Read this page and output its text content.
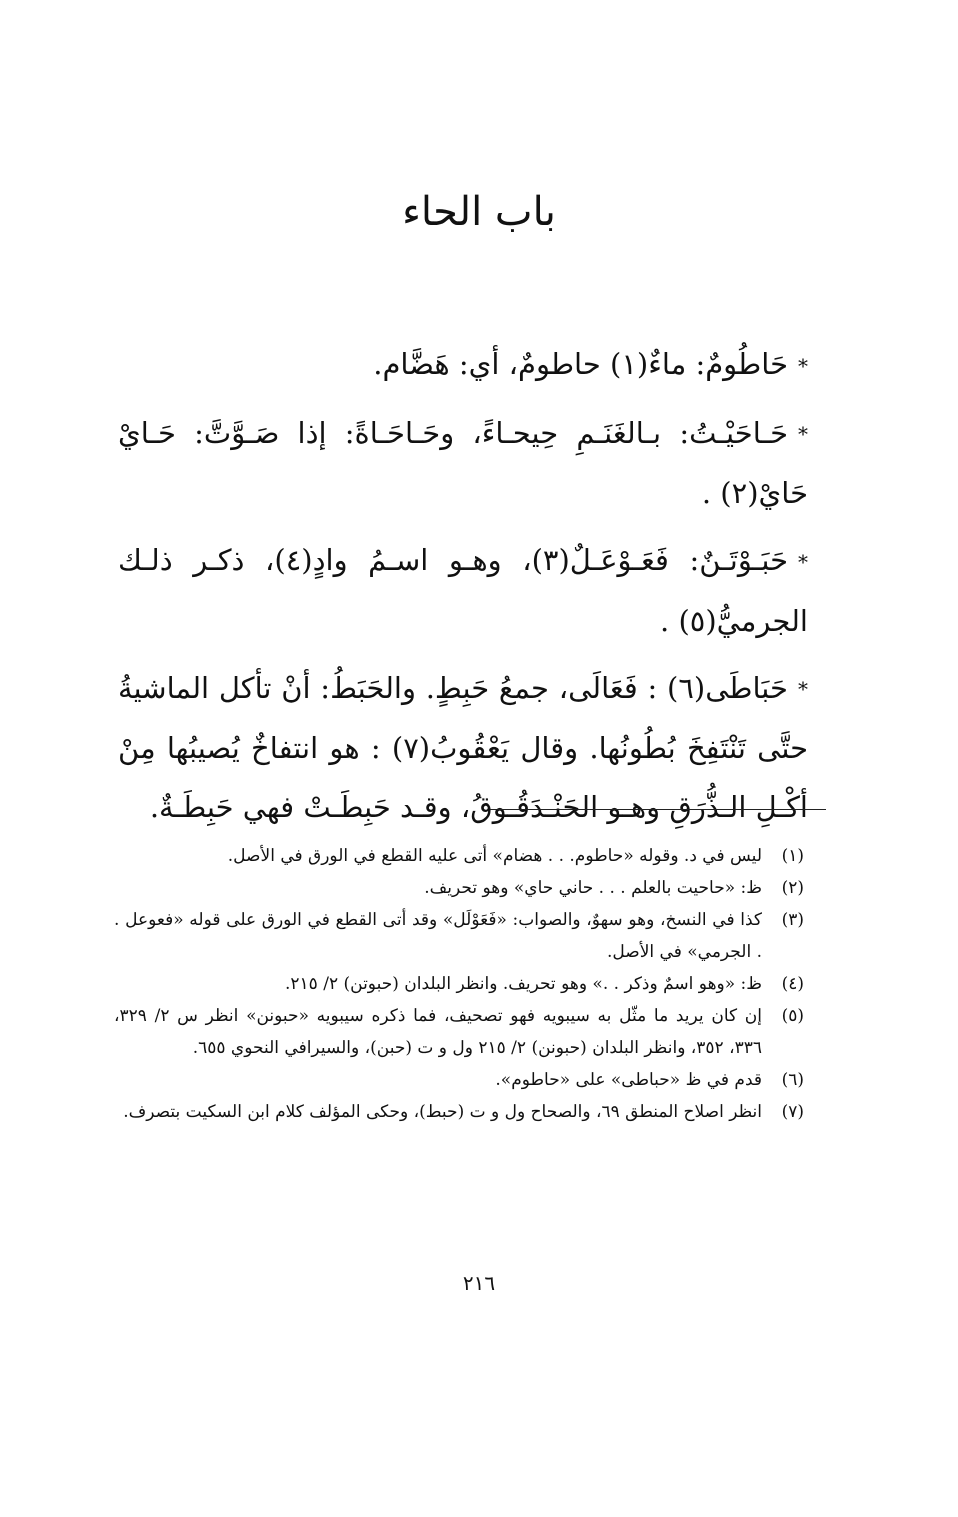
باب الحاء

*حَاطُومٌ: ماءٌ(١) حاطومٌ، أي: هَضَّام.

*حَـاحَيْـتُ: بـالغَنَـمِ حِيحـاءً، وحَـاحَـاةً: إذا صَـوَّتَّ: حَـايْ حَايْ(٢) .

*حَبَـوْتَـنٌ: فَعَـوْعَـلٌ(٣)، وهـو اسـمُ وادٍ(٤)، ذكـر ذلـك الجرميُّ(٥) .

*حَبَاطَى(٦) : فَعَالَى، جمعُ حَبِطٍ. والحَبَطُ: أنْ تأكل الماشيةُ حتَّى تَنْتَفِخَ بُطُونُها. وقال يَعْقُوبُ(٧) : هو انتفاخٌ يُصيبُها مِنْ أكْـلِ الـذُّرَقِ وهـو الحَنْـدَقُـوقُ، وقـد حَبِطَـتْ فهي حَبِطَـةٌ.

(١)
ليس في د. وقوله «حاطوم. . . هضام» أتى عليه القطع في الورق في الأصل.
(٢)
ظ: «حاحيت بالعلم . . . حاني حاي» وهو تحريف.
(٣)
كذا في النسخ، وهو سهوٌ، والصواب: «فَعَوْلَل» وقد أتى القطع في الورق على قوله «فعوعل . . الجرمي» في الأصل.
(٤)
ظ: «وهو اسمٌ وذكر . .» وهو تحريف. وانظر البلدان (حبوتن) ٢/ ٢١٥.
(٥)
إن كان يريد ما مثّل به سيبويه فهو تصحيف، فما ذكره سيبويه «حبونن» انظر س ٢/ ٣٢٩، ٣٣٦، ٣٥٢، وانظر البلدان (حبونن) ٢/ ٢١٥ ول و ت (حبن)، والسيرافي النحوي ٦٥٥.
(٦)
قدم في ظ «حباطى» على «حاطوم».
(٧)
انظر اصلاح المنطق ٦٩، والصحاح ول و ت (حبط)، وحكى المؤلف كلام ابن السكيت بتصرف.
٢١٦
